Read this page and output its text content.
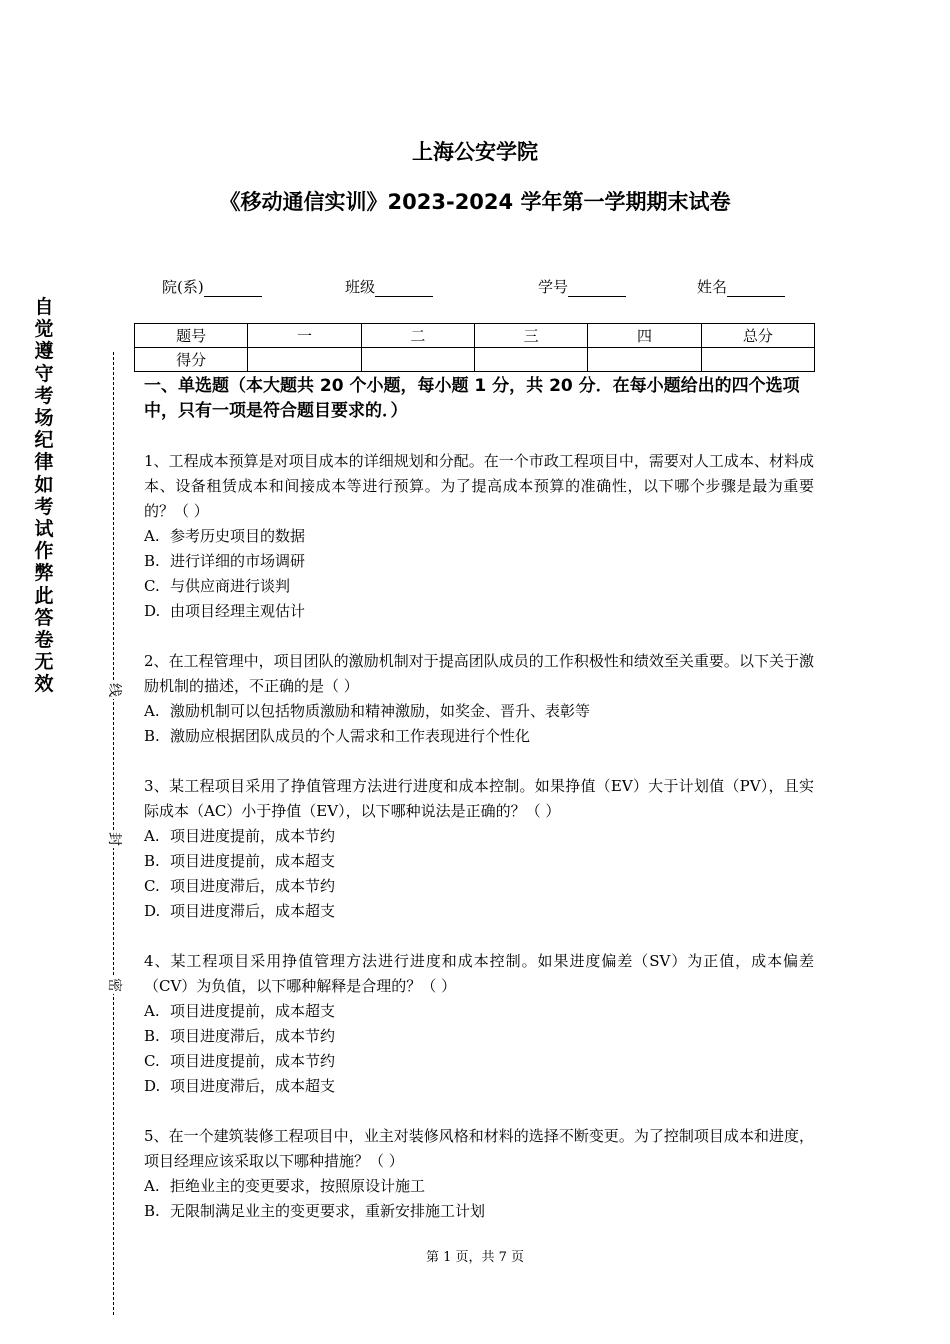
上海公安学院
《移动通信实训》2023-2024 学年第一学期期末试卷
院(系)	班级	学号	姓名
题号	一	二	三	四	总分
得分					
自觉遵守考场纪律如考试作弊此答卷无效	线
封
密
一、单选题（本大题共 20 个小题，每小题 1 分，共 20 分．在每小题给出的四个选项中，只有一项是符合题目要求的．）
1、工程成本预算是对项目成本的详细规划和分配。在一个市政工程项目中，需要对人工成本、材料成本、设备租赁成本和间接成本等进行预算。为了提高成本预算的准确性，以下哪个步骤是最为重要的？（ ）
A. 参考历史项目的数据
B. 进行详细的市场调研
C. 与供应商进行谈判
D. 由项目经理主观估计
2、在工程管理中，项目团队的激励机制对于提高团队成员的工作积极性和绩效至关重要。以下关于激励机制的描述，不正确的是（ ）
A. 激励机制可以包括物质激励和精神激励，如奖金、晋升、表彰等
B. 激励应根据团队成员的个人需求和工作表现进行个性化
3、某工程项目采用了挣值管理方法进行进度和成本控制。如果挣值（EV）大于计划值（PV），且实际成本（AC）小于挣值（EV），以下哪种说法是正确的？（ ）
A. 项目进度提前，成本节约
B. 项目进度提前，成本超支
C. 项目进度滞后，成本节约
D. 项目进度滞后，成本超支
4、某工程项目采用挣值管理方法进行进度和成本控制。如果进度偏差（SV）为正值，成本偏差（CV）为负值，以下哪种解释是合理的？（ ）
A. 项目进度提前，成本超支
B. 项目进度滞后，成本节约
C. 项目进度提前，成本节约
D. 项目进度滞后，成本超支
5、在一个建筑装修工程项目中，业主对装修风格和材料的选择不断变更。为了控制项目成本和进度，项目经理应该采取以下哪种措施？（ ）
A. 拒绝业主的变更要求，按照原设计施工
B. 无限制满足业主的变更要求，重新安排施工计划
第 1 页，共 7 页
